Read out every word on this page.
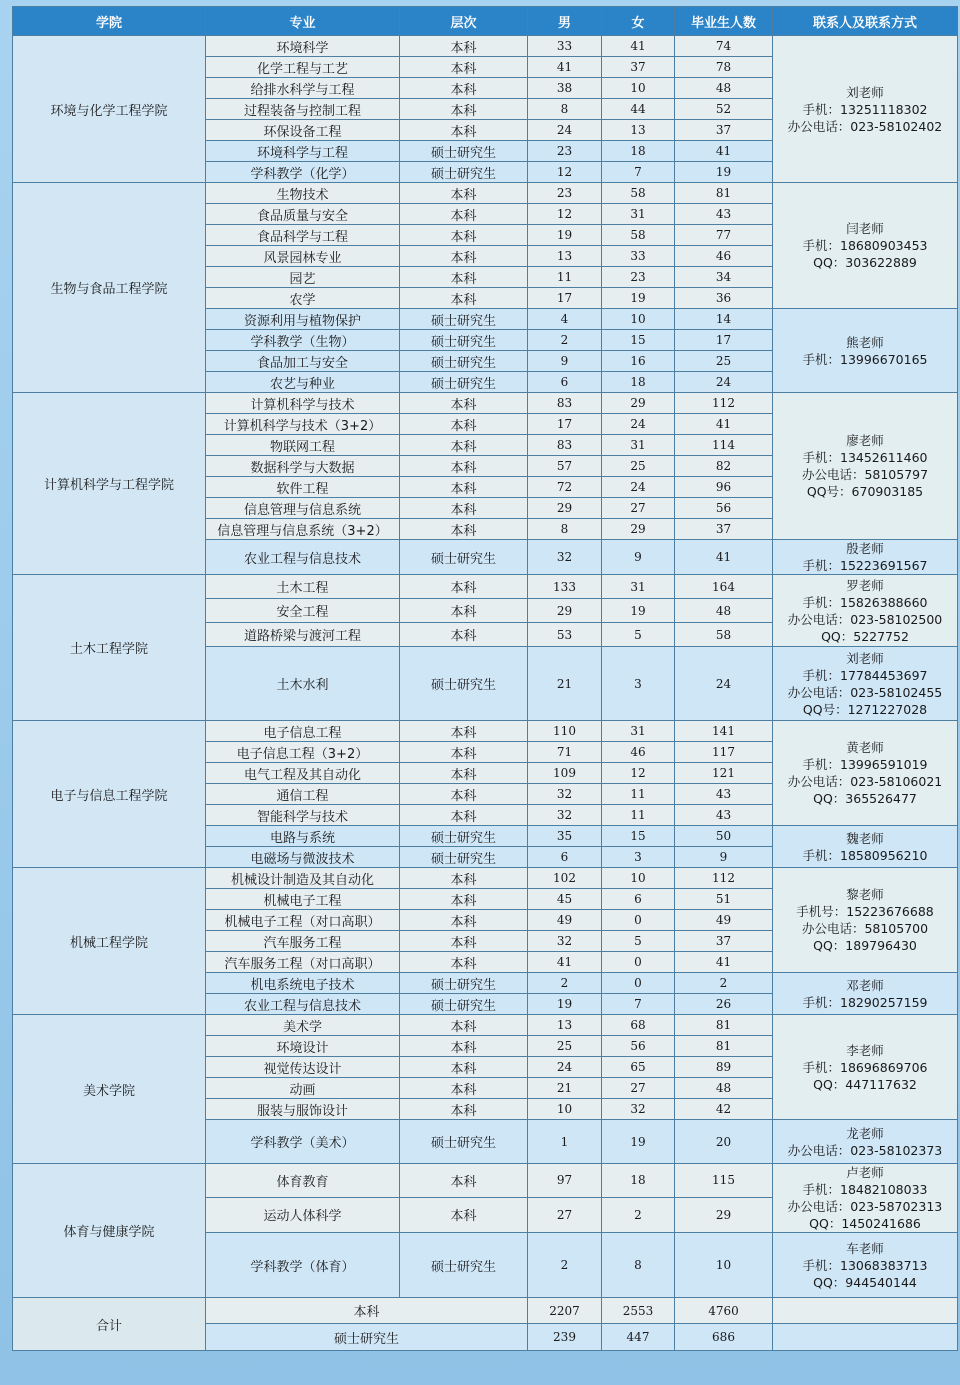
学院	专业	层次	男	女	毕业生人数	联系人及联系方式
环境与化学工程学院	环境科学	本科	33	41	74	刘老师
手机：13251118302
办公电话：023-58102402

	化学工程与工艺	本科	41	37	78	
	给排水科学与工程	本科	38	10	48	
	过程装备与控制工程	本科	8	44	52	
	环保设备工程	本科	24	13	37	
	环境科学与工程	硕士研究生	23	18	41	
	学科教学（化学）	硕士研究生	12	7	19	
生物与食品工程学院	生物技术	本科	23	58	81	闫老师
手机：18680903453
QQ：303622889

	食品质量与安全	本科	12	31	43	
	食品科学与工程	本科	19	58	77	
	风景园林专业	本科	13	33	46	
	园艺	本科	11	23	34	
	农学	本科	17	19	36	
	资源利用与植物保护	硕士研究生	4	10	14	熊老师
手机：13996670165

	学科教学（生物）	硕士研究生	2	15	17	
	食品加工与安全	硕士研究生	9	16	25	
	农艺与种业	硕士研究生	6	18	24	
计算机科学与工程学院	计算机科学与技术	本科	83	29	112	廖老师
手机：13452611460
办公电话：58105797
QQ号：670903185

	计算机科学与技术（3+2）	本科	17	24	41	
	物联网工程	本科	83	31	114	
	数据科学与大数据	本科	57	25	82	
	软件工程	本科	72	24	96	
	信息管理与信息系统	本科	29	27	56	
	信息管理与信息系统（3+2）	本科	8	29	37	
	农业工程与信息技术	硕士研究生	32	9	41	殷老师
手机：15223691567

土木工程学院	土木工程	本科	133	31	164	罗老师
手机：15826388660
办公电话：023-58102500
QQ：5227752

	安全工程	本科	29	19	48	
	道路桥梁与渡河工程	本科	53	5	58	
	土木水利	硕士研究生	21	3	24	刘老师
手机：17784453697
办公电话：023-58102455
QQ号：1271227028

电子与信息工程学院	电子信息工程	本科	110	31	141	黄老师
手机：13996591019
办公电话：023-58106021
QQ：365526477

	电子信息工程（3+2）	本科	71	46	117	
	电气工程及其自动化	本科	109	12	121	
	通信工程	本科	32	11	43	
	智能科学与技术	本科	32	11	43	
	电路与系统	硕士研究生	35	15	50	魏老师
手机：18580956210

	电磁场与微波技术	硕士研究生	6	3	9	
机械工程学院	机械设计制造及其自动化	本科	102	10	112	黎老师
手机号：15223676688
办公电话：58105700
QQ：189796430

	机械电子工程	本科	45	6	51	
	机械电子工程（对口高职）	本科	49	0	49	
	汽车服务工程	本科	32	5	37	
	汽车服务工程（对口高职）	本科	41	0	41	
	机电系统电子技术	硕士研究生	2	0	2	邓老师
手机：18290257159

	农业工程与信息技术	硕士研究生	19	7	26	
美术学院	美术学	本科	13	68	81	李老师
手机：18696869706
QQ：447117632

	环境设计	本科	25	56	81	
	视觉传达设计	本科	24	65	89	
	动画	本科	21	27	48	
	服装与服饰设计	本科	10	32	42	
	学科教学（美术）	硕士研究生	1	19	20	龙老师
办公电话：023-58102373

体育与健康学院	体育教育	本科	97	18	115	卢老师
手机：18482108033
办公电话：023-58702313
QQ：1450241686

	运动人体科学	本科	27	2	29	
	学科教学（体育）	硕士研究生	2	8	10	车老师
手机：13068383713
QQ：944540144

合计	本科		2207	2553	4760	
	硕士研究生		239	447	686	
